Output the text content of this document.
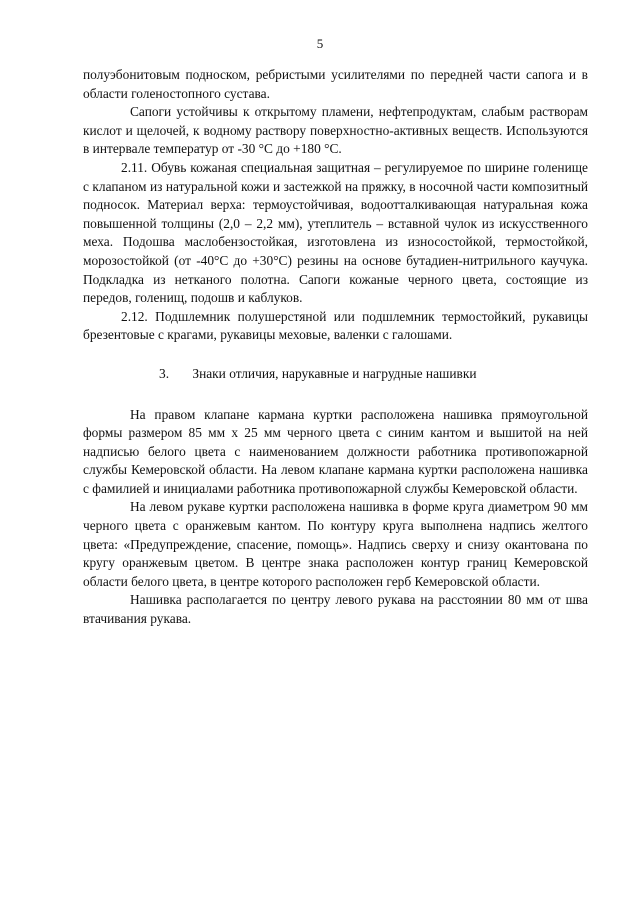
5

полуэбонитовым подноском, ребристыми усилителями по передней части сапога и в области голеностопного сустава.

Сапоги устойчивы к открытому пламени, нефтепродуктам, слабым растворам кислот и щелочей, к водному раствору поверхностно-активных веществ. Используются в интервале температур от -30 °С до +180 °С.

2.11. Обувь кожаная специальная защитная – регулируемое по ширине голенище с клапаном из натуральной кожи и застежкой на пряжку, в носочной части композитный подносок. Материал верха: термоустойчивая, водоотталкивающая натуральная кожа повышенной толщины (2,0 – 2,2 мм), утеплитель – вставной чулок из искусственного меха. Подошва маслобензостойкая, изготовлена из износостойкой, термостойкой, морозостойкой (от -40°С до +30°С) резины на основе бутадиен-нитрильного каучука. Подкладка из нетканого полотна. Сапоги кожаные черного цвета, состоящие из передов, голенищ, подошв и каблуков.

2.12. Подшлемник полушерстяной или подшлемник термостойкий, рукавицы брезентовые с крагами, рукавицы меховые, валенки с галошами.

3. Знаки отличия, нарукавные и нагрудные нашивки

На правом клапане кармана куртки расположена нашивка прямоугольной формы размером 85 мм х 25 мм черного цвета с синим кантом и вышитой на ней надписью белого цвета с наименованием должности работника противопожарной службы Кемеровской области. На левом клапане кармана куртки расположена нашивка с фамилией и инициалами работника противопожарной службы Кемеровской области.

На левом рукаве куртки расположена нашивка в форме круга диаметром 90 мм черного цвета с оранжевым кантом. По контуру круга выполнена надпись желтого цвета: «Предупреждение, спасение, помощь». Надпись сверху и снизу окантована по кругу оранжевым цветом. В центре знака расположен контур границ Кемеровской области белого цвета, в центре которого расположен герб Кемеровской области.

Нашивка располагается по центру левого рукава на расстоянии 80 мм от шва втачивания рукава.
